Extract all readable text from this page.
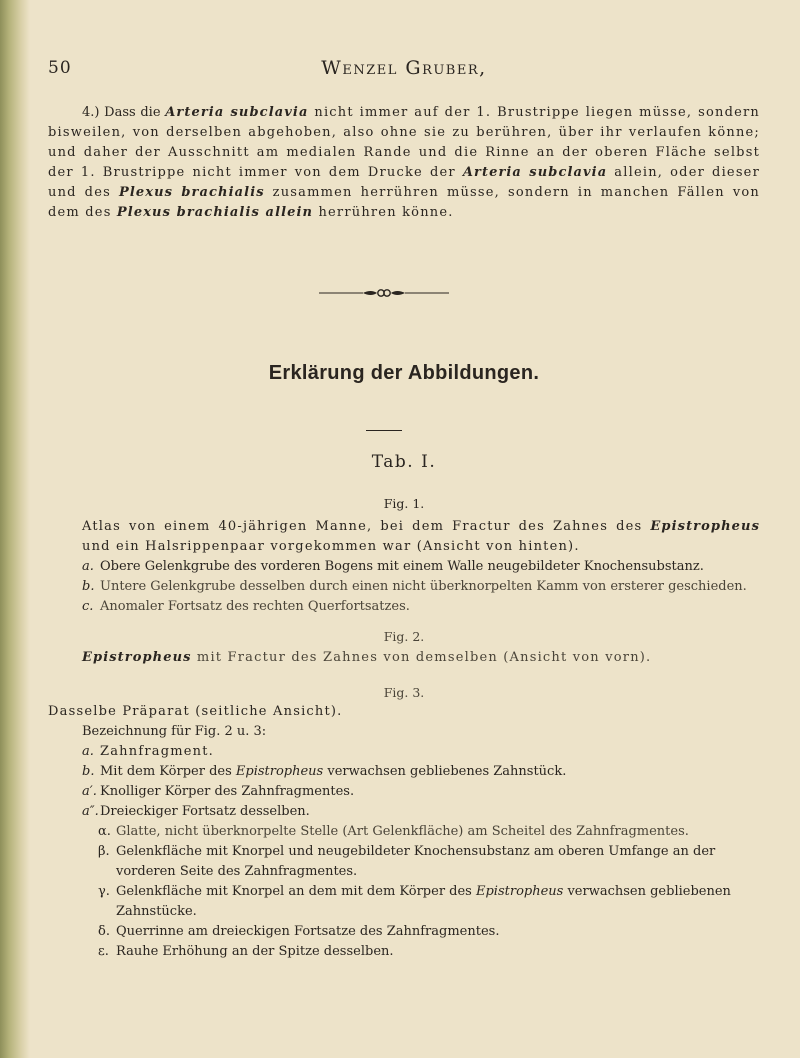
50	Wenzel Gruber,

4.) Dass die Arteria subclavia nicht immer auf der 1. Brustrippe liegen müsse, sondern bisweilen, von derselben abgehoben, also ohne sie zu berühren, über ihr verlaufen könne; und daher der Ausschnitt am medialen Rande und die Rinne an der oberen Fläche selbst der 1. Brustrippe nicht immer von dem Drucke der Arteria subclavia allein, oder dieser und des Plexus brachialis zusammen herrühren müsse, sondern in manchen Fällen von dem des Plexus brachialis allein herrühren könne.

Erklärung der Abbildungen.
Tab. I.
Fig. 1.

Atlas von einem 40-jährigen Manne, bei dem Fractur des Zahnes des Epistropheus und ein Halsrippenpaar vorgekommen war (Ansicht von hinten).

a. Obere Gelenkgrube des vorderen Bogens mit einem Walle neugebildeter Knochensubstanz.
b. Untere Gelenkgrube desselben durch einen nicht überknorpelten Kamm von ersterer geschieden.
c. Anomaler Fortsatz des rechten Querfortsatzes.
Fig. 2.

Epistropheus mit Fractur des Zahnes von demselben (Ansicht von vorn).

Fig. 3.

Dasselbe Präparat (seitliche Ansicht).

Bezeichnung für Fig. 2 u. 3:

a. Zahnfragment.
b. Mit dem Körper des Epistropheus verwachsen gebliebenes Zahnstück.
a′. Knolliger Körper des Zahnfragmentes.
a″. Dreieckiger Fortsatz desselben.
α. Glatte, nicht überknorpelte Stelle (Art Gelenkfläche) am Scheitel des Zahnfragmentes.
β. Gelenkfläche mit Knorpel und neugebildeter Knochensubstanz am oberen Umfange an der vorderen Seite des Zahnfragmentes.
γ. Gelenkfläche mit Knorpel an dem mit dem Körper des Epistropheus verwachsen gebliebenen Zahnstücke.
δ. Querrinne am dreieckigen Fortsatze des Zahnfragmentes.
ε. Rauhe Erhöhung an der Spitze desselben.
